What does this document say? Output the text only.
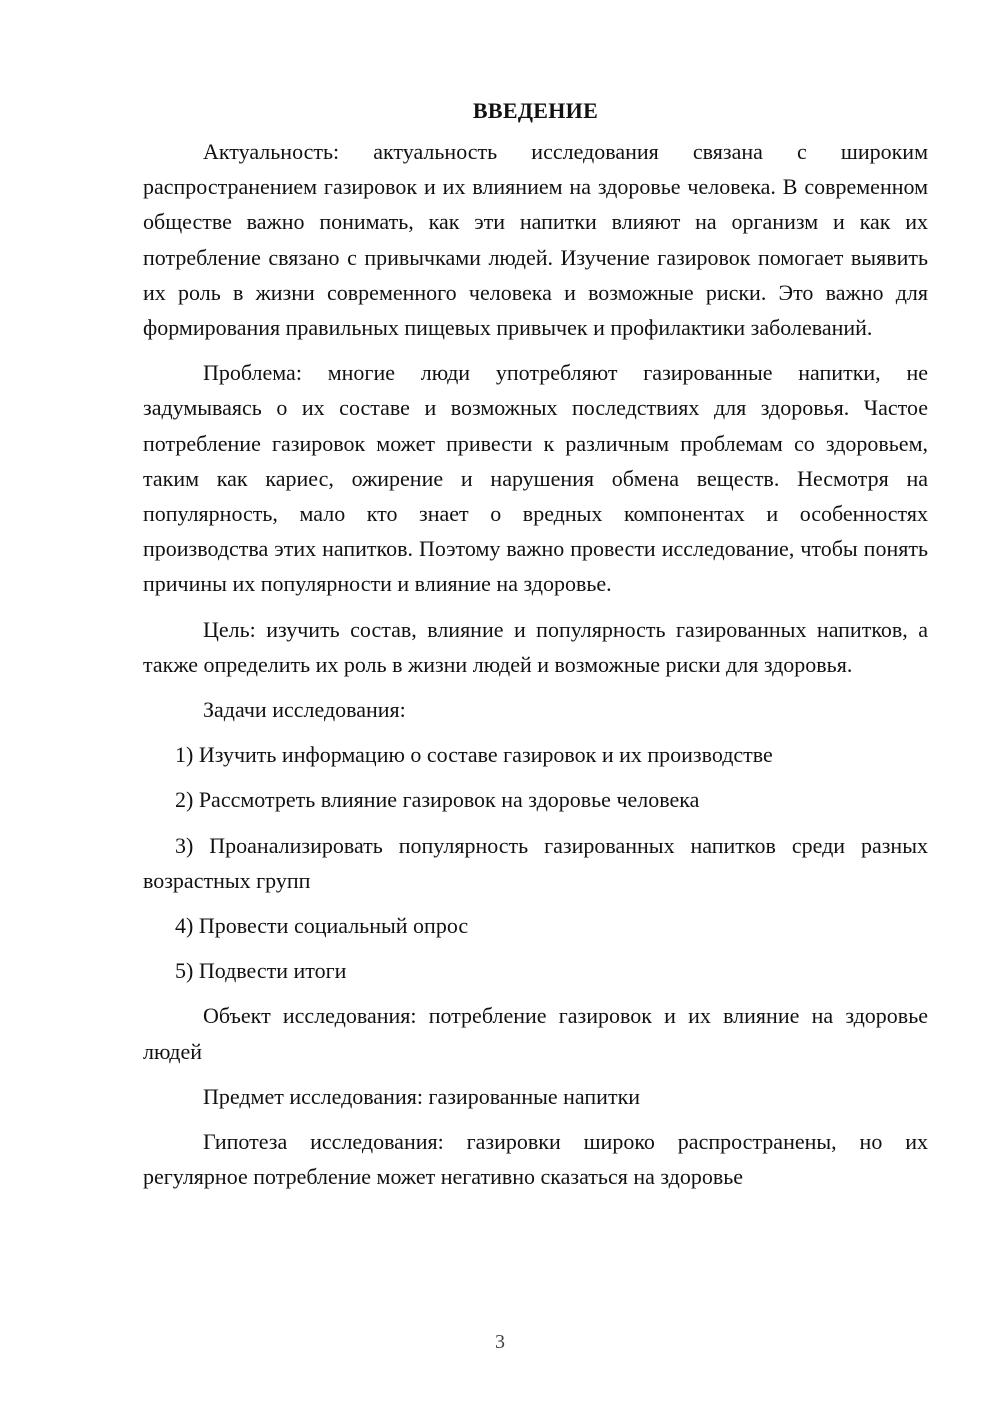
ВВЕДЕНИЕ

Актуальность: актуальность исследования связана с широким распространением газировок и их влиянием на здоровье человека. В современном обществе важно понимать, как эти напитки влияют на организм и как их потребление связано с привычками людей. Изучение газировок помогает выявить их роль в жизни современного человека и возможные риски. Это важно для формирования правильных пищевых привычек и профилактики заболеваний.

Проблема: многие люди употребляют газированные напитки, не задумываясь о их составе и возможных последствиях для здоровья. Частое потребление газировок может привести к различным проблемам со здоровьем, таким как кариес, ожирение и нарушения обмена веществ. Несмотря на популярность, мало кто знает о вредных компонентах и особенностях производства этих напитков. Поэтому важно провести исследование, чтобы понять причины их популярности и влияние на здоровье.

Цель: изучить состав, влияние и популярность газированных напитков, а также определить их роль в жизни людей и возможные риски для здоровья.

Задачи исследования:

1) Изучить информацию о составе газировок и их производстве

2) Рассмотреть влияние газировок на здоровье человека

3) Проанализировать популярность газированных напитков среди разных возрастных групп

4) Провести социальный опрос

5) Подвести итоги

Объект исследования: потребление газировок и их влияние на здоровье людей

Предмет исследования: газированные напитки

Гипотеза исследования: газировки широко распространены, но их регулярное потребление может негативно сказаться на здоровье

3
